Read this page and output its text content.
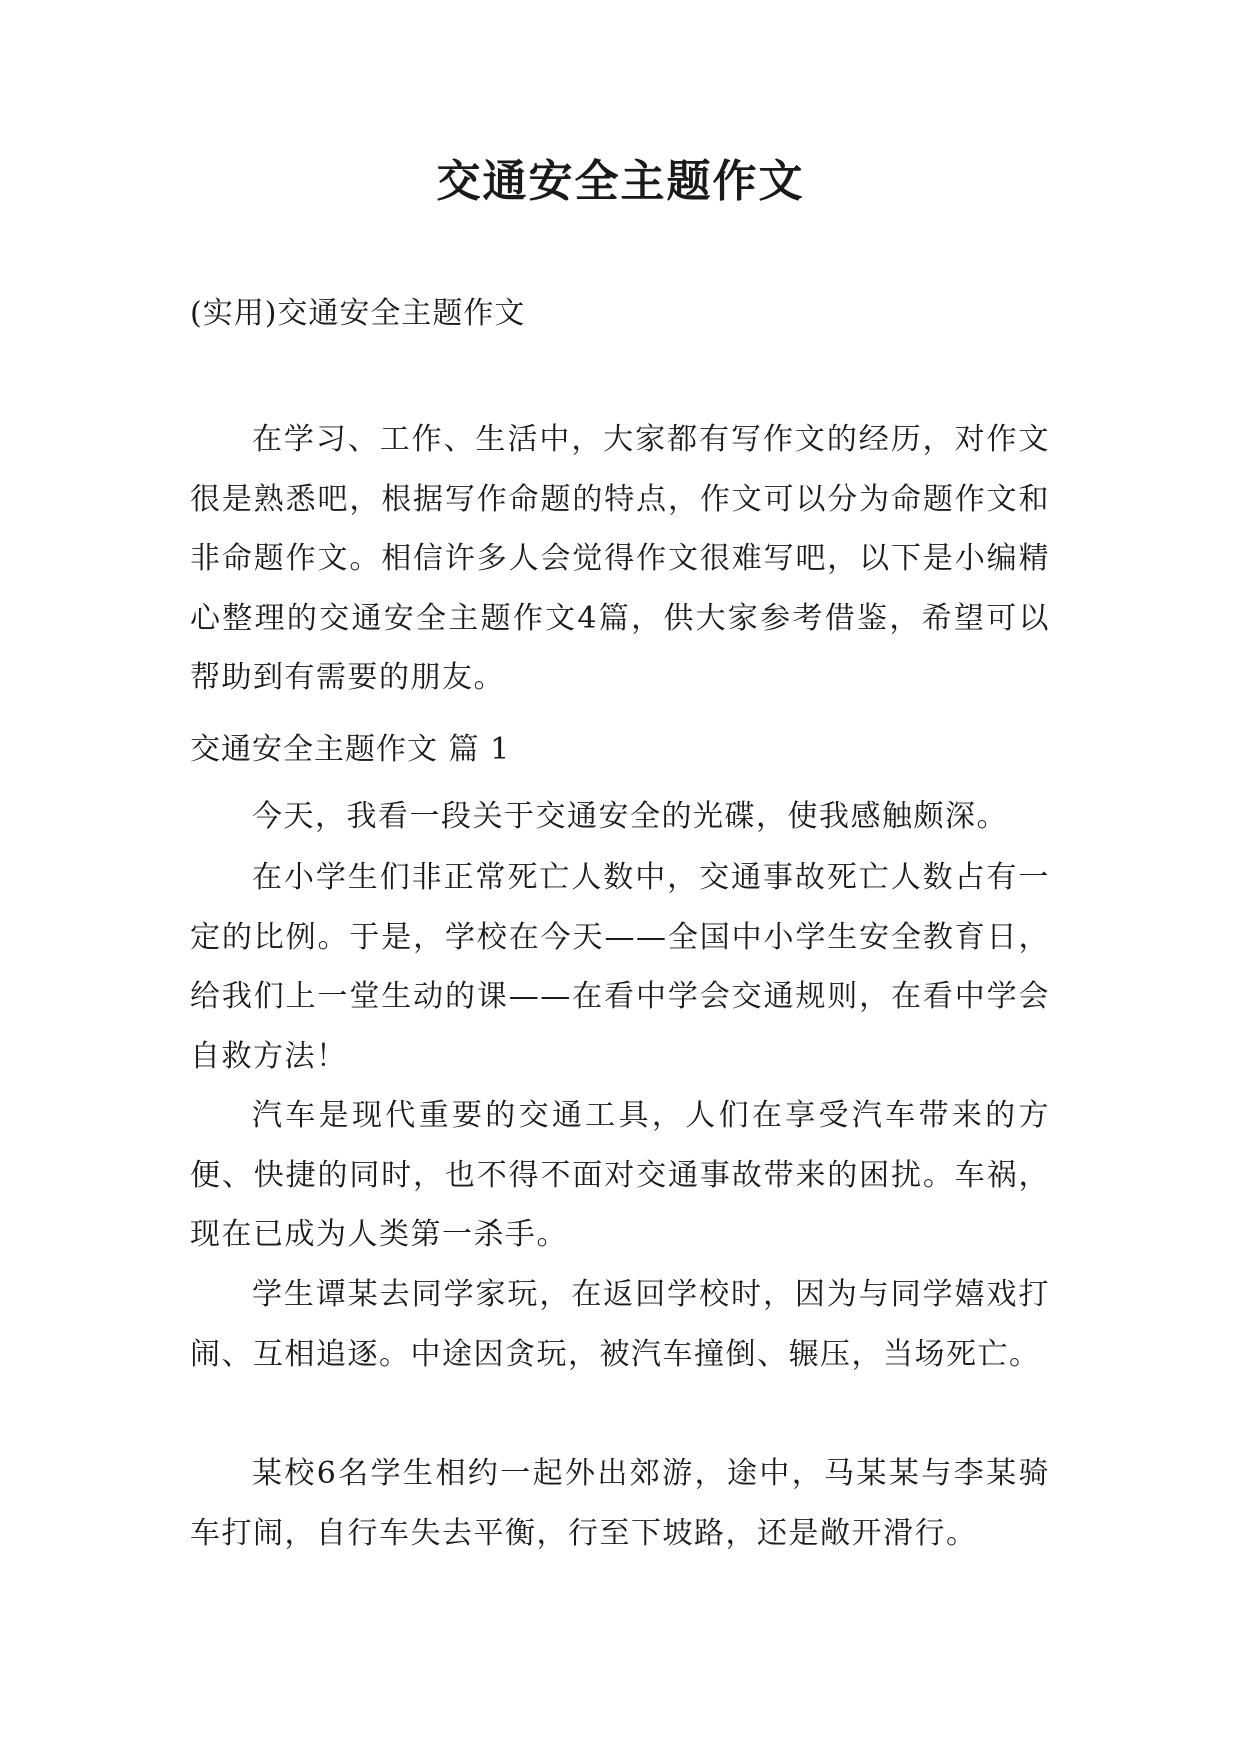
交通安全主题作文

(实用)交通安全主题作文

在学习、工作、生活中，大家都有写作文的经历，对作文很是熟悉吧，根据写作命题的特点，作文可以分为命题作文和非命题作文。相信许多人会觉得作文很难写吧，以下是小编精心整理的交通安全主题作文4篇，供大家参考借鉴，希望可以帮助到有需要的朋友。

交通安全主题作文 篇 1

今天，我看一段关于交通安全的光碟，使我感触颇深。

在小学生们非正常死亡人数中，交通事故死亡人数占有一定的比例。于是，学校在今天——全国中小学生安全教育日，给我们上一堂生动的课——在看中学会交通规则，在看中学会自救方法！

汽车是现代重要的交通工具，人们在享受汽车带来的方便、快捷的同时，也不得不面对交通事故带来的困扰。车祸，现在已成为人类第一杀手。

学生谭某去同学家玩，在返回学校时，因为与同学嬉戏打闹、互相追逐。中途因贪玩，被汽车撞倒、辗压，当场死亡。

某校6名学生相约一起外出郊游，途中，马某某与李某骑车打闹，自行车失去平衡，行至下坡路，还是敞开滑行。
